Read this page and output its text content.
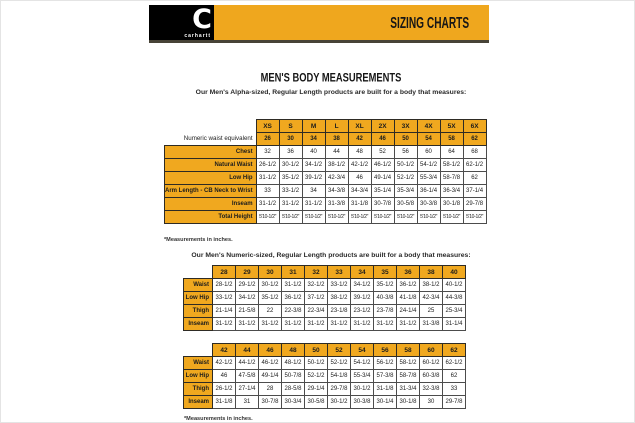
C
carhartt
SIZING CHARTS
MEN'S BODY MEASUREMENTS
Our Men's Alpha-sized, Regular Length products are built for a body that measures:
	XS	S	M	L	XL	2X	3X	4X	5X	6X
Numeric waist equivalent	26	30	34	38	42	46	50	54	58	62
Chest	32	36	40	44	48	52	56	60	64	68
Natural Waist	26-1/2	30-1/2	34-1/2	38-1/2	42-1/2	46-1/2	50-1/2	54-1/2	58-1/2	62-1/2
Low Hip	31-1/2	35-1/2	39-1/2	42-3/4	46	49-1/4	52-1/2	55-3/4	58-7/8	62
Arm Length - CB Neck to Wrist	33	33-1/2	34	34-3/8	34-3/4	35-1/4	35-3/4	36-1/4	36-3/4	37-1/4
Inseam	31-1/2	31-1/2	31-1/2	31-3/8	31-1/8	30-7/8	30-5/8	30-3/8	30-1/8	29-7/8
Total Height	5'10-1/2"	5'10-1/2"	5'10-1/2"	5'10-1/2"	5'10-1/2"	5'10-1/2"	5'10-1/2"	5'10-1/2"	5'10-1/2"	5'10-1/2"
*Measurements in inches.
Our Men's Numeric-sized, Regular Length products are built for a body that measures:
	28	29	30	31	32	33	34	35	36	38	40
Waist	28-1/2	29-1/2	30-1/2	31-1/2	32-1/2	33-1/2	34-1/2	35-1/2	36-1/2	38-1/2	40-1/2
Low Hip	33-1/2	34-1/2	35-1/2	36-1/2	37-1/2	38-1/2	39-1/2	40-3/8	41-1/8	42-3/4	44-3/8
Thigh	21-1/4	21-5/8	22	22-3/8	22-3/4	23-1/8	23-1/2	23-7/8	24-1/4	25	25-3/4
Inseam	31-1/2	31-1/2	31-1/2	31-1/2	31-1/2	31-1/2	31-1/2	31-1/2	31-1/2	31-3/8	31-1/4
	42	44	46	48	50	52	54	56	58	60	62
Waist	42-1/2	44-1/2	46-1/2	48-1/2	50-1/2	52-1/2	54-1/2	56-1/2	58-1/2	60-1/2	62-1/2
Low Hip	46	47-5/8	49-1/4	50-7/8	52-1/2	54-1/8	55-3/4	57-3/8	58-7/8	60-3/8	62
Thigh	26-1/2	27-1/4	28	28-5/8	29-1/4	29-7/8	30-1/2	31-1/8	31-3/4	32-3/8	33
Inseam	31-1/8	31	30-7/8	30-3/4	30-5/8	30-1/2	30-3/8	30-1/4	30-1/8	30	29-7/8
*Measurements in inches.
